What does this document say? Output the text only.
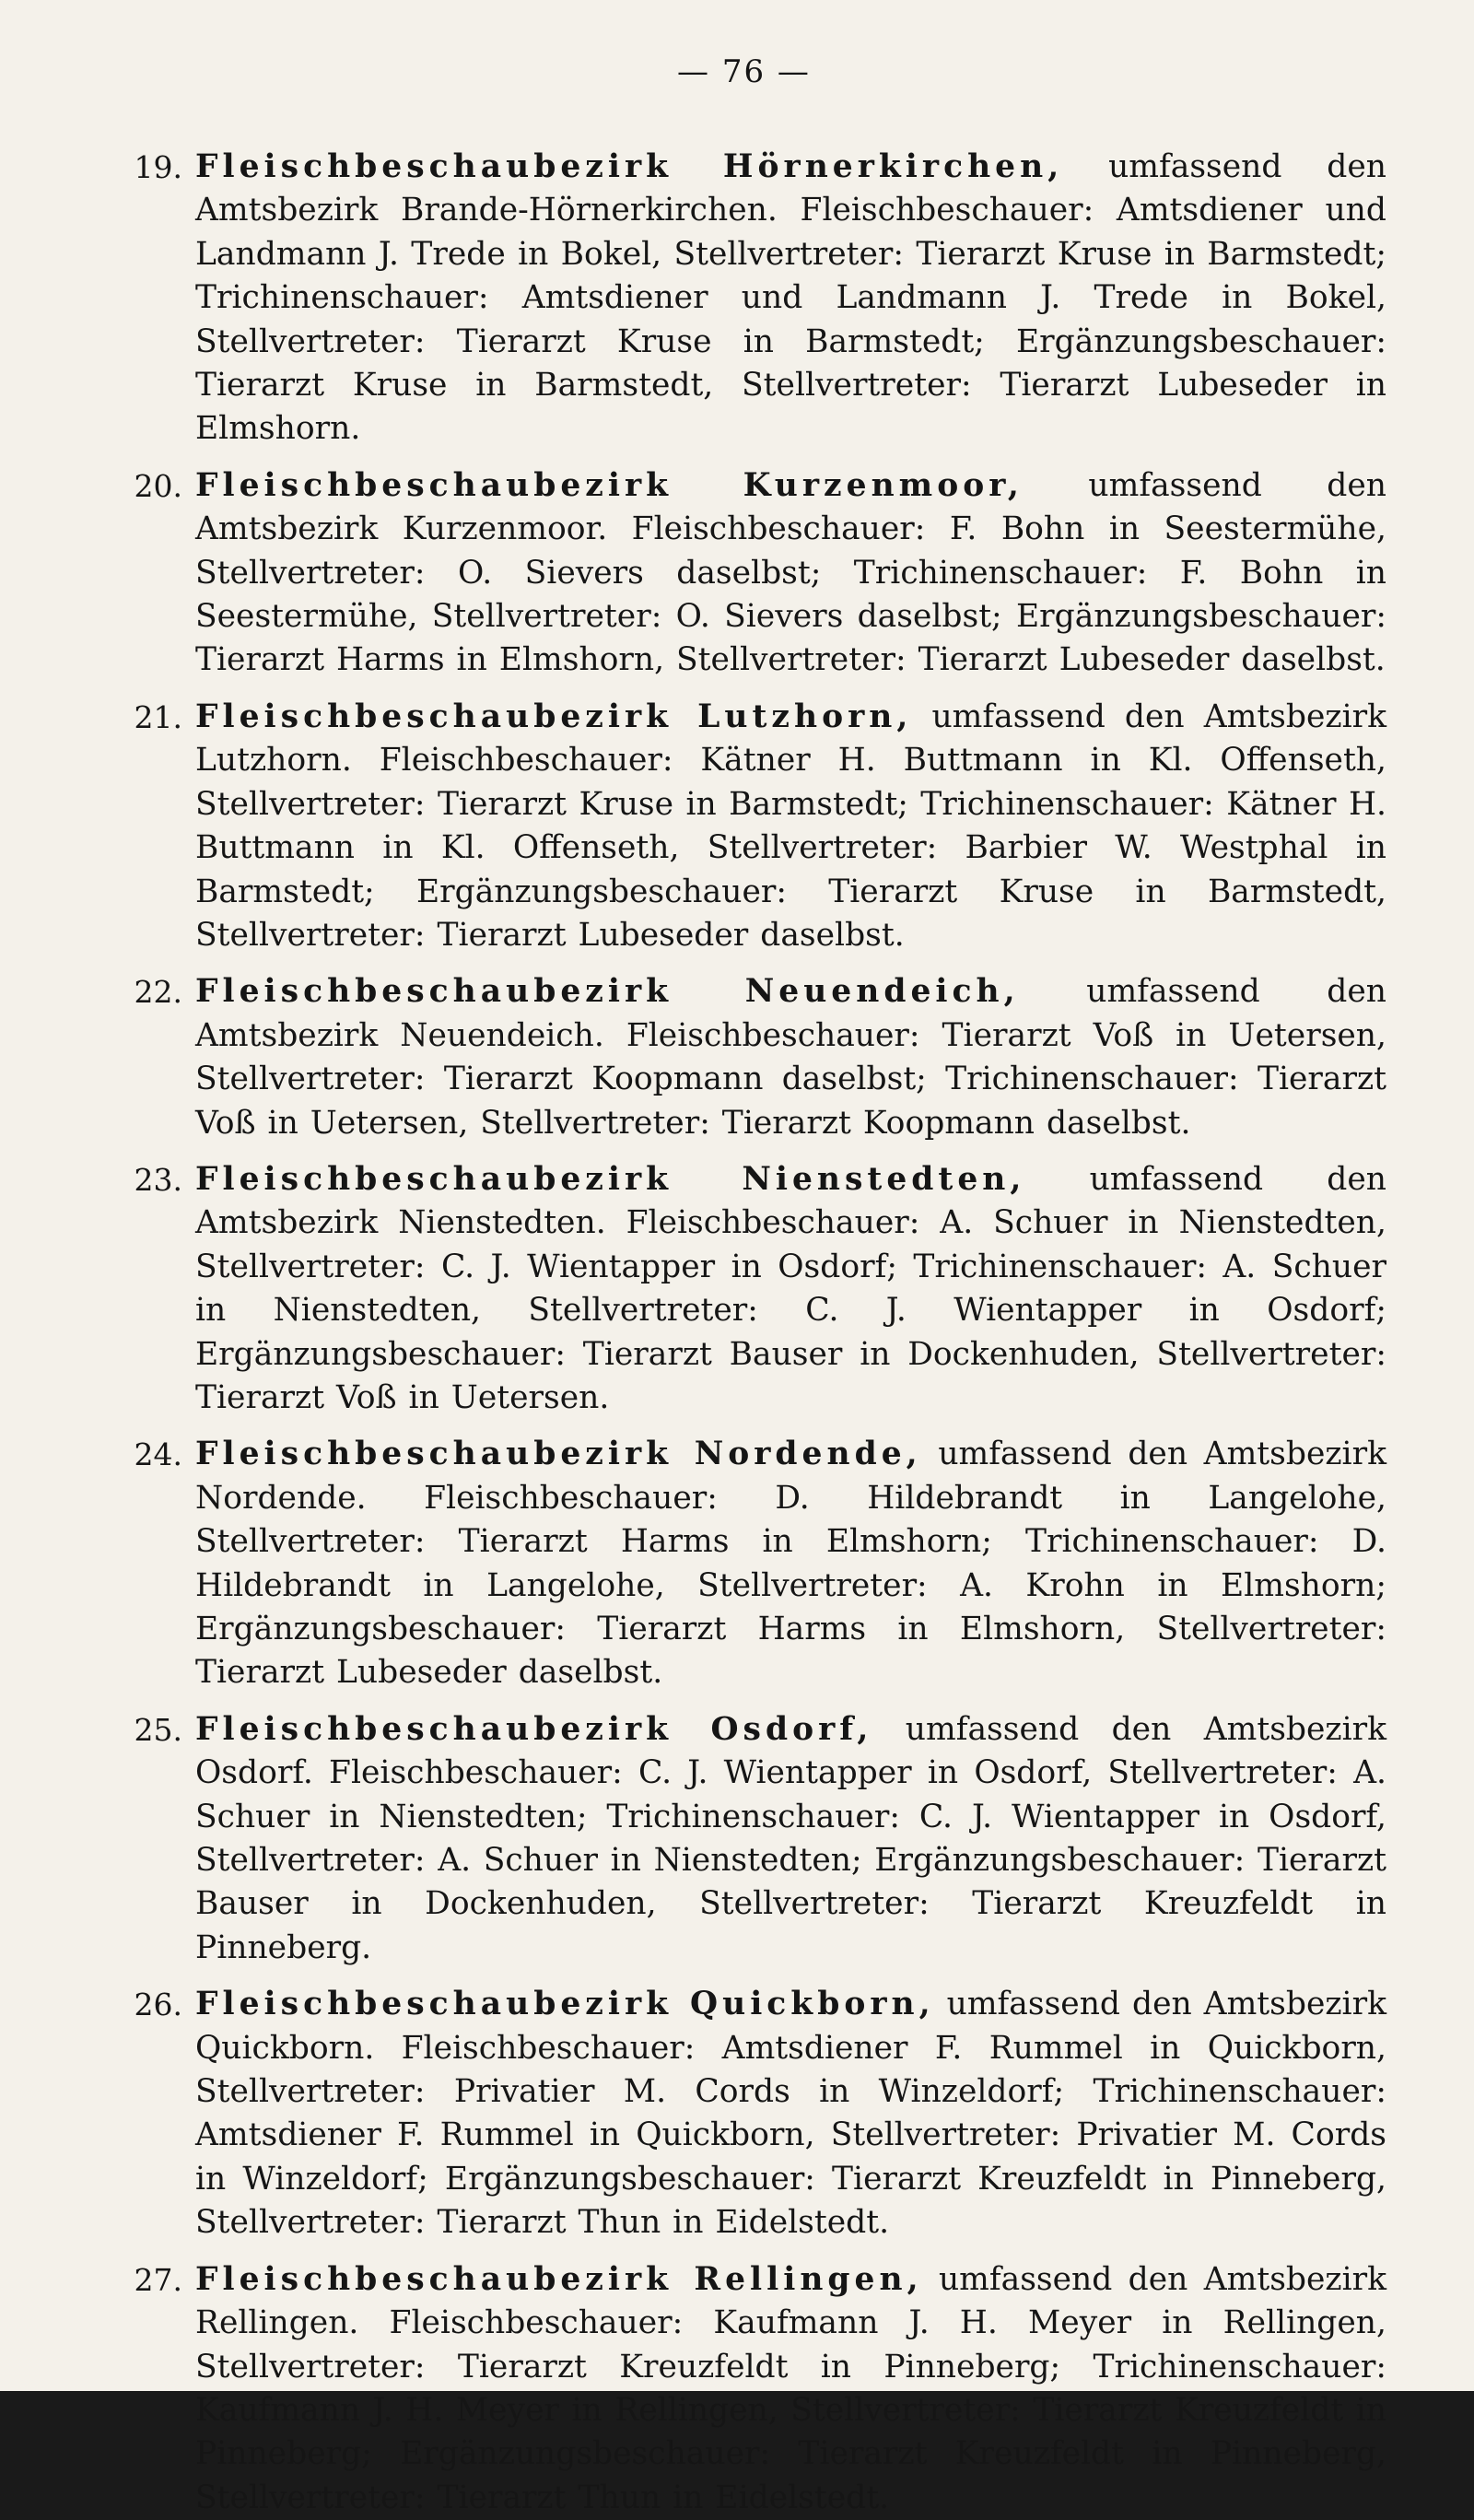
— 76 —
19. Fleischbeschaubezirk Hörnerkirchen, umfassend den Amtsbezirk Brande-Hörnerkirchen. Fleischbeschauer: Amtsdiener und Landmann J. Trede in Bokel, Stellvertreter: Tierarzt Kruse in Barmstedt; Trichinenschauer: Amtsdiener und Landmann J. Trede in Bokel, Stellvertreter: Tierarzt Kruse in Barmstedt; Ergänzungsbeschauer: Tierarzt Kruse in Barmstedt, Stellvertreter: Tierarzt Lubeseder in Elmshorn.
20. Fleischbeschaubezirk Kurzenmoor, umfassend den Amtsbezirk Kurzenmoor. Fleischbeschauer: F. Bohn in Seestermühe, Stellvertreter: O. Sievers daselbst; Trichinenschauer: F. Bohn in Seestermühe, Stellvertreter: O. Sievers daselbst; Ergänzungsbeschauer: Tierarzt Harms in Elmshorn, Stellvertreter: Tierarzt Lubeseder daselbst.
21. Fleischbeschaubezirk Lutzhorn, umfassend den Amtsbezirk Lutzhorn. Fleischbeschauer: Kätner H. Buttmann in Kl. Offenseth, Stellvertreter: Tierarzt Kruse in Barmstedt; Trichinenschauer: Kätner H. Buttmann in Kl. Offenseth, Stellvertreter: Barbier W. Westphal in Barmstedt; Ergänzungsbeschauer: Tierarzt Kruse in Barmstedt, Stellvertreter: Tierarzt Lubeseder daselbst.
22. Fleischbeschaubezirk Neuendeich, umfassend den Amtsbezirk Neuendeich. Fleischbeschauer: Tierarzt Voß in Uetersen, Stellvertreter: Tierarzt Koopmann daselbst; Trichinenschauer: Tierarzt Voß in Uetersen, Stellvertreter: Tierarzt Koopmann daselbst.
23. Fleischbeschaubezirk Nienstedten, umfassend den Amtsbezirk Nienstedten. Fleischbeschauer: A. Schuer in Nienstedten, Stellvertreter: C. J. Wientapper in Osdorf; Trichinenschauer: A. Schuer in Nienstedten, Stellvertreter: C. J. Wientapper in Osdorf; Ergänzungsbeschauer: Tierarzt Bauser in Dockenhuden, Stellvertreter: Tierarzt Voß in Uetersen.
24. Fleischbeschaubezirk Nordende, umfassend den Amtsbezirk Nordende. Fleischbeschauer: D. Hildebrandt in Langelohe, Stellvertreter: Tierarzt Harms in Elmshorn; Trichinenschauer: D. Hildebrandt in Langelohe, Stellvertreter: A. Krohn in Elmshorn; Ergänzungsbeschauer: Tierarzt Harms in Elmshorn, Stellvertreter: Tierarzt Lubeseder daselbst.
25. Fleischbeschaubezirk Osdorf, umfassend den Amtsbezirk Osdorf. Fleischbeschauer: C. J. Wientapper in Osdorf, Stellvertreter: A. Schuer in Nienstedten; Trichinenschauer: C. J. Wientapper in Osdorf, Stellvertreter: A. Schuer in Nienstedten; Ergänzungsbeschauer: Tierarzt Bauser in Dockenhuden, Stellvertreter: Tierarzt Kreuzfeldt in Pinneberg.
26. Fleischbeschaubezirk Quickborn, umfassend den Amtsbezirk Quickborn. Fleischbeschauer: Amtsdiener F. Rummel in Quickborn, Stellvertreter: Privatier M. Cords in Winzeldorf; Trichinenschauer: Amtsdiener F. Rummel in Quickborn, Stellvertreter: Privatier M. Cords in Winzeldorf; Ergänzungsbeschauer: Tierarzt Kreuzfeldt in Pinneberg, Stellvertreter: Tierarzt Thun in Eidelstedt.
27. Fleischbeschaubezirk Rellingen, umfassend den Amtsbezirk Rellingen. Fleischbeschauer: Kaufmann J. H. Meyer in Rellingen, Stellvertreter: Tierarzt Kreuzfeldt in Pinneberg; Trichinenschauer: Kaufmann J. H. Meyer in Rellingen, Stellvertreter: Tierarzt Kreuzfeldt in Pinneberg; Ergänzungsbeschauer: Tierarzt Kreuzfeldt in Pinneberg, Stellvertreter: Tierarzt Thun in Eidelstedt.
